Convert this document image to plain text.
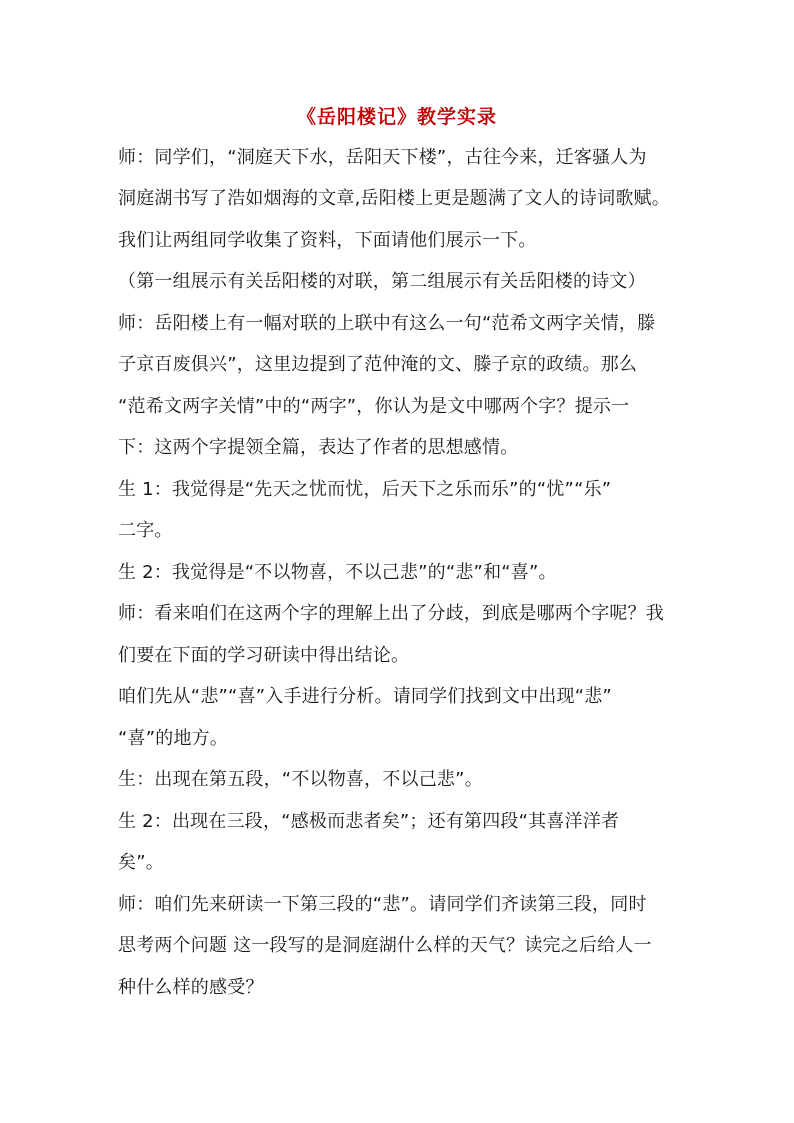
《岳阳楼记》教学实录
师：同学们，“洞庭天下水，岳阳天下楼”，古往今来，迁客骚人为
洞庭湖书写了浩如烟海的文章,岳阳楼上更是题满了文人的诗词歌赋。
我们让两组同学收集了资料，下面请他们展示一下。
（第一组展示有关岳阳楼的对联，第二组展示有关岳阳楼的诗文）
师：岳阳楼上有一幅对联的上联中有这么一句“范希文两字关情，滕
子京百废俱兴”，这里边提到了范仲淹的文、滕子京的政绩。那么
“范希文两字关情”中的“两字”，你认为是文中哪两个字？提示一
下：这两个字提领全篇，表达了作者的思想感情。
生 1：我觉得是“先天之忧而忧，后天下之乐而乐”的“忧”“乐”
二字。
生 2：我觉得是“不以物喜，不以己悲”的“悲”和“喜”。
师：看来咱们在这两个字的理解上出了分歧，到底是哪两个字呢？我
们要在下面的学习研读中得出结论。
咱们先从“悲”“喜”入手进行分析。请同学们找到文中出现“悲”
“喜”的地方。
生：出现在第五段，“不以物喜，不以己悲”。
生 2：出现在三段，“感极而悲者矣”；还有第四段“其喜洋洋者
矣”。
师：咱们先来研读一下第三段的“悲”。请同学们齐读第三段，同时
思考两个问题 这一段写的是洞庭湖什么样的天气？读完之后给人一
种什么样的感受？
